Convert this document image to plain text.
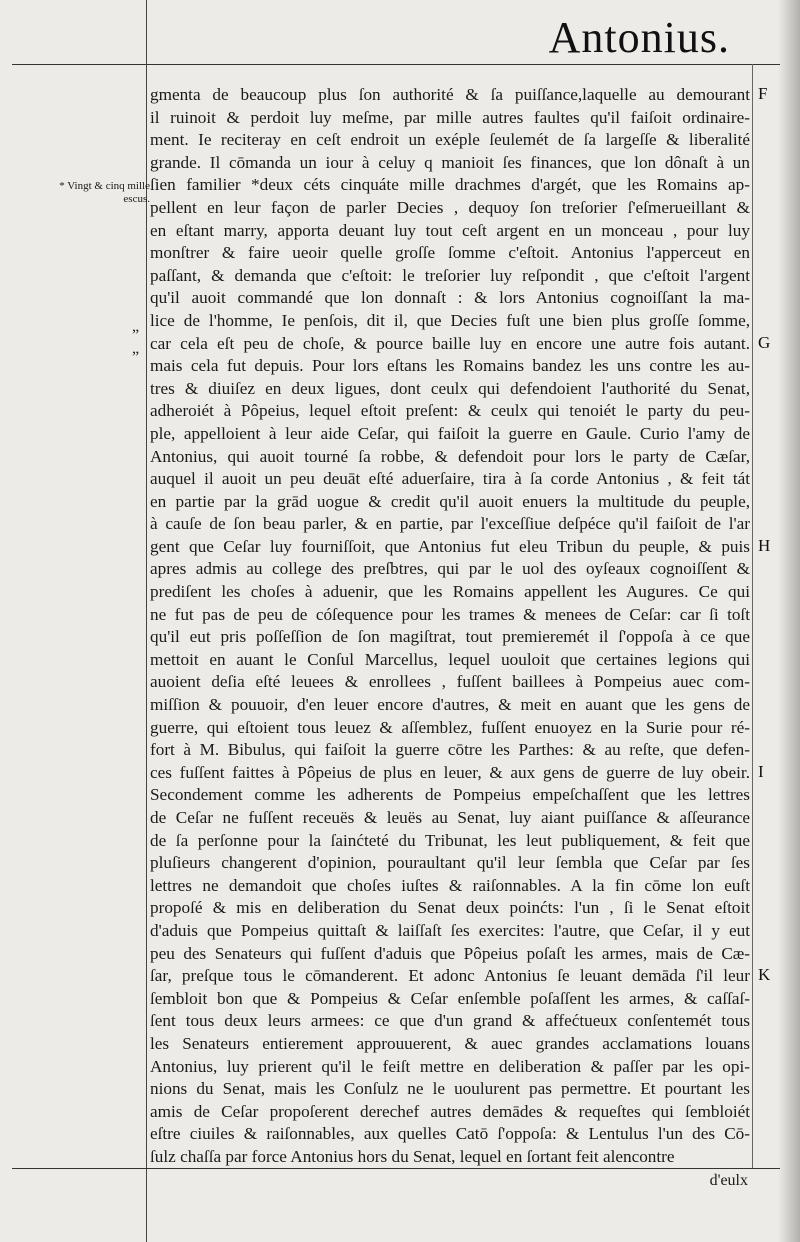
Antonius.
* Vingt & cinq mille escus.
„
„
gmenta de beaucoup plus ſon authorité & ſa puiſſance,laquelle au demourant
il ruinoit & perdoit luy meſme, par mille autres faultes qu'il faiſoit ordinaire-
ment. Ie reciteray en ceſt endroit un exéple ſeulemét de ſa largeſſe & liberalité
grande. Il cōmanda un iour à celuy q manioit ſes finances, que lon dônaſt à un
ſien familier *deux céts cinquáte mille drachmes d'argét, que les Romains ap-
pellent en leur façon de parler Decies , dequoy ſon treſorier ſ'eſmerueillant &
en eſtant marry, apporta deuant luy tout ceſt argent en un monceau , pour luy
monſtrer & faire ueoir quelle groſſe ſomme c'eſtoit. Antonius l'apperceut en
paſſant, & demanda que c'eſtoit: le treſorier luy reſpondit , que c'eſtoit l'argent
qu'il auoit commandé que lon donnaſt : & lors Antonius cognoiſſant la ma-
lice de l'homme, Ie penſois, dit il, que Decies fuſt une bien plus groſſe ſomme,
car cela eſt peu de choſe, & pource baille luy en encore une autre fois autant.
mais cela fut depuis. Pour lors eſtans les Romains bandez les uns contre les au-
tres & diuiſez en deux ligues, dont ceulx qui defendoient l'authorité du Senat,
adheroiét à Pôpeius, lequel eſtoit preſent: & ceulx qui tenoiét le party du peu-
ple, appelloient à leur aide Ceſar, qui faiſoit la guerre en Gaule. Curio l'amy de
Antonius, qui auoit tourné ſa robbe, & defendoit pour lors le party de Cæſar,
auquel il auoit un peu deuāt eſté aduerſaire, tira à ſa corde Antonius , & feit tát
en partie par la grād uogue & credit qu'il auoit enuers la multitude du peuple,
à cauſe de ſon beau parler, & en partie, par l'exceſſiue deſpéce qu'il faiſoit de l'ar
gent que Ceſar luy fourniſſoit, que Antonius fut eleu Tribun du peuple, & puis
apres admis au college des preſbtres, qui par le uol des oyſeaux cognoiſſent &
prediſent les choſes à aduenir, que les Romains appellent les Augures. Ce qui
ne fut pas de peu de cóſequence pour les trames & menees de Ceſar: car ſi toſt
qu'il eut pris poſſeſſion de ſon magiſtrat, tout premieremét il ſ'oppoſa à ce que
mettoit en auant le Conſul Marcellus, lequel uouloit que certaines legions qui
auoient deſia eſté leuees & enrollees , fuſſent baillees à Pompeius auec com-
miſſion & pouuoir, d'en leuer encore d'autres, & meit en auant que les gens de
guerre, qui eſtoient tous leuez & aſſemblez, fuſſent enuoyez en la Surie pour ré-
fort à M. Bibulus, qui faiſoit la guerre cōtre les Parthes: & au reſte, que defen-
ces fuſſent faittes à Pôpeius de plus en leuer, & aux gens de guerre de luy obeir.
Secondement comme les adherents de Pompeius empeſchaſſent que les lettres
de Ceſar ne fuſſent receuës & leuës au Senat, luy aiant puiſſance & aſſeurance
de ſa perſonne pour la ſainćteté du Tribunat, les leut publiquement, & feit que
pluſieurs changerent d'opinion, pouraultant qu'il leur ſembla que Ceſar par ſes
lettres ne demandoit que choſes iuſtes & raiſonnables. A la fin cōme lon euſt
propoſé & mis en deliberation du Senat deux poinćts: l'un , ſi le Senat eſtoit
d'aduis que Pompeius quittaſt & laiſſaſt ſes exercites: l'autre, que Ceſar, il y eut
peu des Senateurs qui fuſſent d'aduis que Pôpeius poſaſt les armes, mais de Cæ-
ſar, preſque tous le cōmanderent. Et adonc Antonius ſe leuant demāda ſ'il leur
ſembloit bon que & Pompeius & Ceſar enſemble poſaſſent les armes, & caſſaſ-
ſent tous deux leurs armees: ce que d'un grand & affećtueux conſentemét tous
les Senateurs entierement approuuerent, & auec grandes acclamations louans
Antonius, luy prierent qu'il le feiſt mettre en deliberation & paſſer par les opi-
nions du Senat, mais les Conſulz ne le uoulurent pas permettre. Et pourtant les
amis de Ceſar propoſerent derechef autres demādes & requeſtes qui ſembloiét
eſtre ciuiles & raiſonnables, aux quelles Catō ſ'oppoſa: & Lentulus l'un des Cō-
ſulz chaſſa par force Antonius hors du Senat, lequel en ſortant feit alencontre
F
G
H
I
K
d'eulx
